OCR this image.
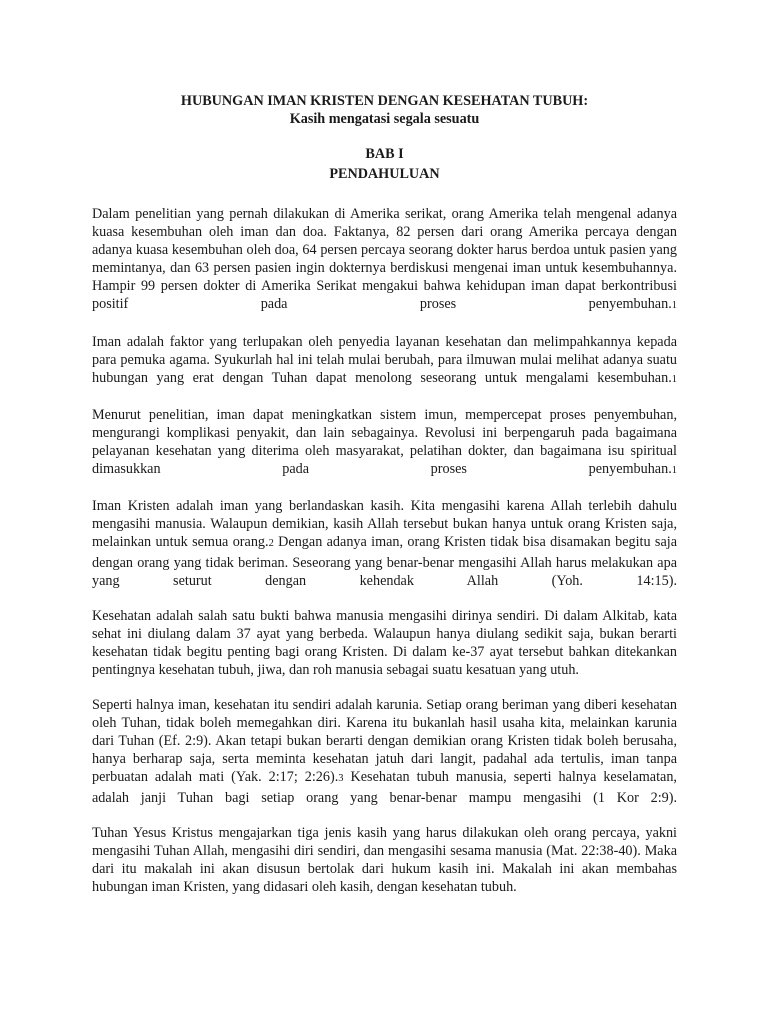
HUBUNGAN IMAN KRISTEN DENGAN KESEHATAN TUBUH:
Kasih mengatasi segala sesuatu
BAB I
PENDAHULUAN

Dalam penelitian yang pernah dilakukan di Amerika serikat, orang Amerika telah mengenal adanya kuasa kesembuhan oleh iman dan doa. Faktanya, 82 persen dari orang Amerika percaya dengan adanya kuasa kesembuhan oleh doa, 64 persen percaya seorang dokter harus berdoa untuk pasien yang memintanya, dan 63 persen pasien ingin dokternya berdiskusi mengenai iman untuk kesembuhannya. Hampir 99 persen dokter di Amerika Serikat mengakui bahwa kehidupan iman dapat berkontribusi positif pada proses penyembuhan.1

Iman adalah faktor yang terlupakan oleh penyedia layanan kesehatan dan melimpahkannya kepada para pemuka agama. Syukurlah hal ini telah mulai berubah, para ilmuwan mulai melihat adanya suatu hubungan yang erat dengan Tuhan dapat menolong seseorang untuk mengalami kesembuhan.1

Menurut penelitian, iman dapat meningkatkan sistem imun, mempercepat proses penyembuhan, mengurangi komplikasi penyakit, dan lain sebagainya. Revolusi ini berpengaruh pada bagaimana pelayanan kesehatan yang diterima oleh masyarakat, pelatihan dokter, dan bagaimana isu spiritual dimasukkan pada proses penyembuhan.1

Iman Kristen adalah iman yang berlandaskan kasih. Kita mengasihi karena Allah terlebih dahulu mengasihi manusia. Walaupun demikian, kasih Allah tersebut bukan hanya untuk orang Kristen saja, melainkan untuk semua orang.2 Dengan adanya iman, orang Kristen tidak bisa disamakan begitu saja dengan orang yang tidak beriman. Seseorang yang benar-benar mengasihi Allah harus melakukan apa yang seturut dengan kehendak Allah (Yoh. 14:15).

Kesehatan adalah salah satu bukti bahwa manusia mengasihi dirinya sendiri. Di dalam Alkitab, kata sehat ini diulang dalam 37 ayat yang berbeda. Walaupun hanya diulang sedikit saja, bukan berarti kesehatan tidak begitu penting bagi orang Kristen. Di dalam ke-37 ayat tersebut bahkan ditekankan pentingnya kesehatan tubuh, jiwa, dan roh manusia sebagai suatu kesatuan yang utuh.

Seperti halnya iman, kesehatan itu sendiri adalah karunia. Setiap orang beriman yang diberi kesehatan oleh Tuhan, tidak boleh memegahkan diri. Karena itu bukanlah hasil usaha kita, melainkan karunia dari Tuhan (Ef. 2:9). Akan tetapi bukan berarti dengan demikian orang Kristen tidak boleh berusaha, hanya berharap saja, serta meminta kesehatan jatuh dari langit, padahal ada tertulis, iman tanpa perbuatan adalah mati (Yak. 2:17; 2:26).3 Kesehatan tubuh manusia, seperti halnya keselamatan, adalah janji Tuhan bagi setiap orang yang benar-benar mampu mengasihi (1 Kor 2:9).

Tuhan Yesus Kristus mengajarkan tiga jenis kasih yang harus dilakukan oleh orang percaya, yakni mengasihi Tuhan Allah, mengasihi diri sendiri, dan mengasihi sesama manusia (Mat. 22:38-40). Maka dari itu makalah ini akan disusun bertolak dari hukum kasih ini. Makalah ini akan membahas hubungan iman Kristen, yang didasari oleh kasih, dengan kesehatan tubuh.
